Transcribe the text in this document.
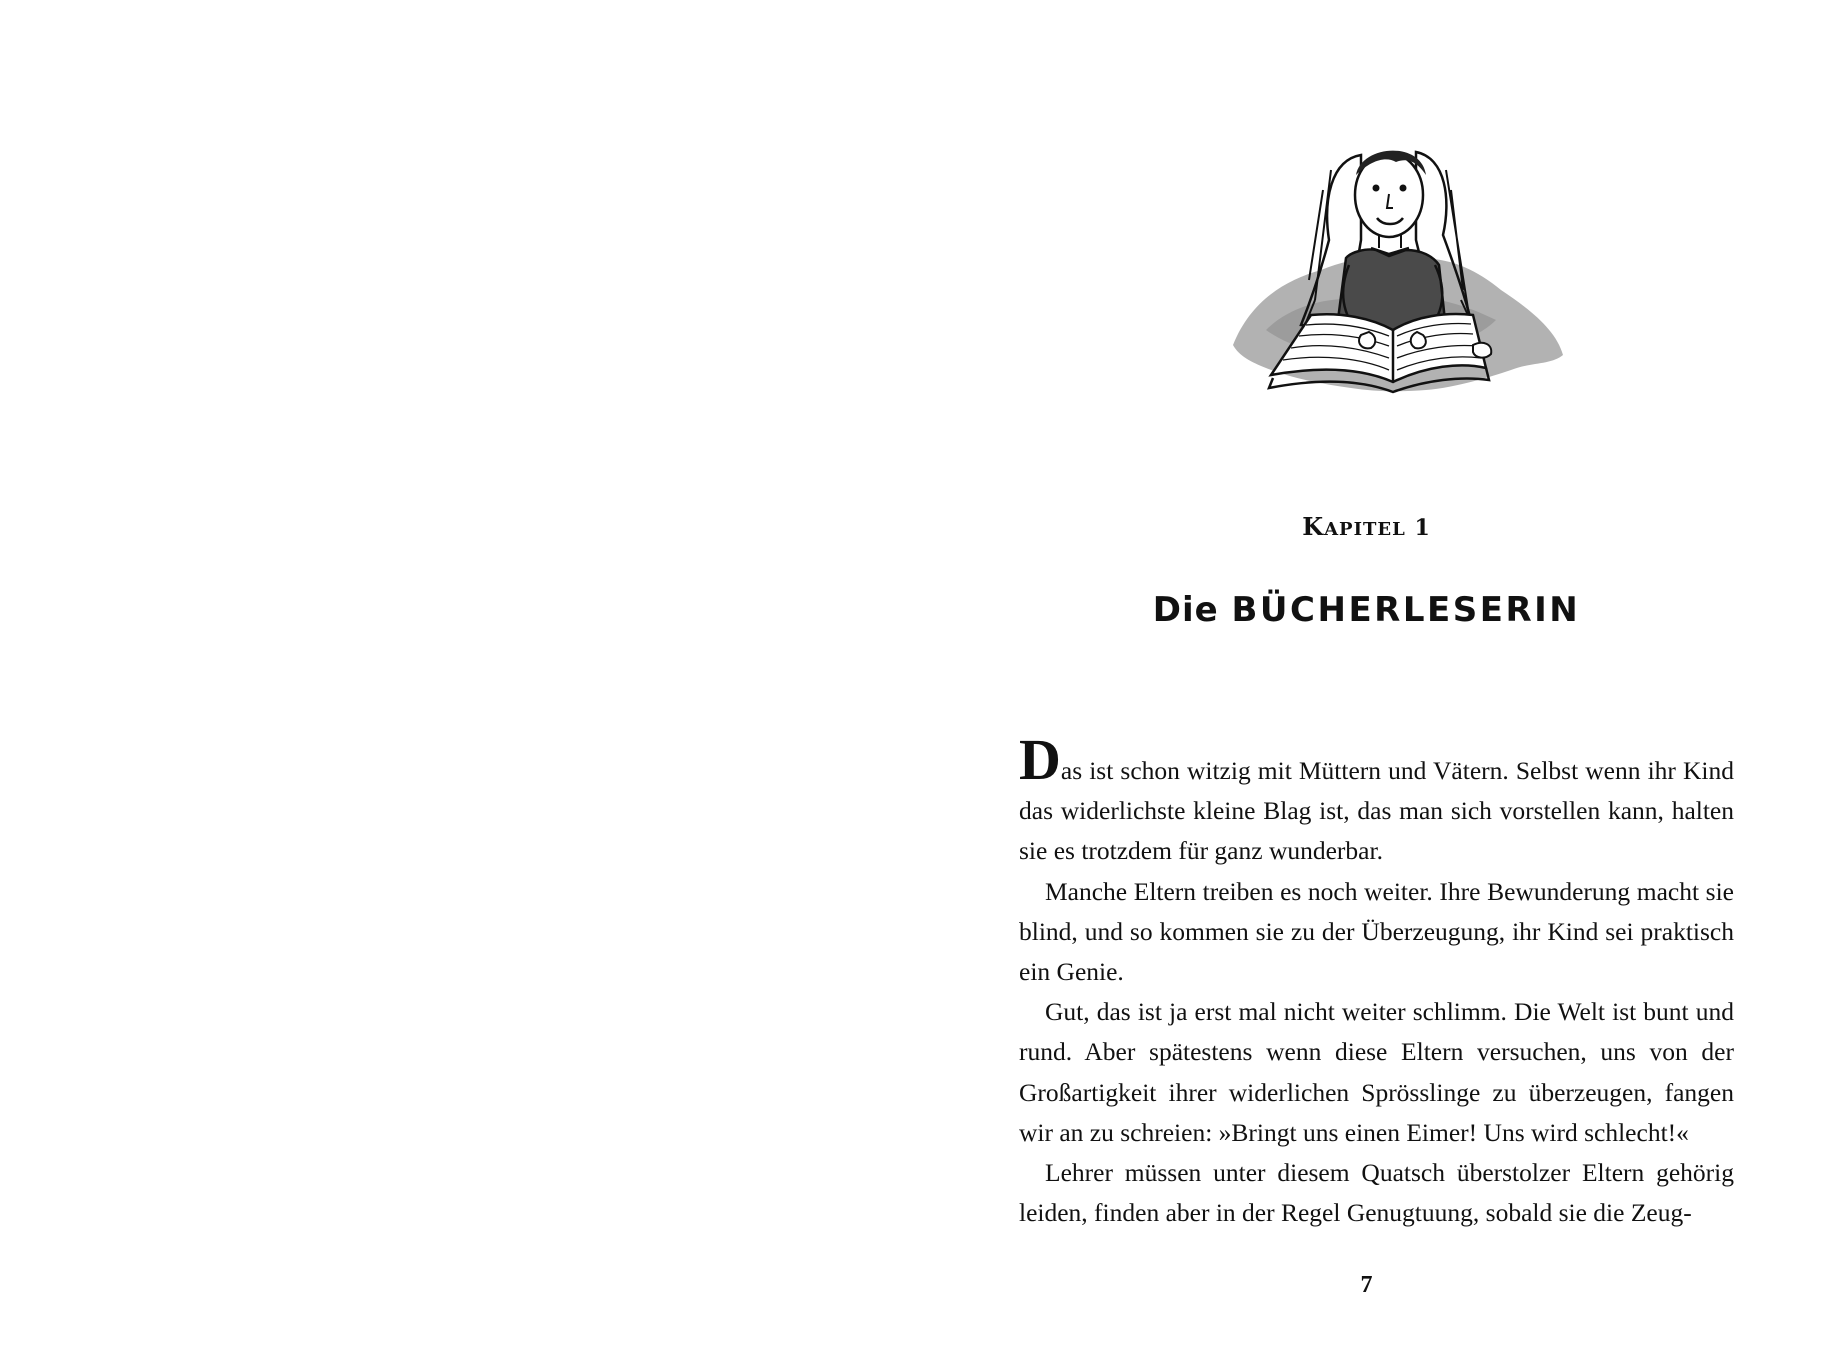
KAPITEL 1
Die BÜCHERLESERIN

Das ist schon witzig mit Müttern und Vätern. Selbst wenn ihr Kind das widerlichste kleine Blag ist, das man sich vorstellen kann, halten sie es trotzdem für ganz wunderbar.

Manche Eltern treiben es noch weiter. Ihre Bewunderung macht sie blind, und so kommen sie zu der Überzeugung, ihr Kind sei praktisch ein Genie.

Gut, das ist ja erst mal nicht weiter schlimm. Die Welt ist bunt und rund. Aber spätestens wenn diese Eltern versuchen, uns von der Großartigkeit ihrer widerlichen Sprösslinge zu überzeugen, fangen wir an zu schreien: »Bringt uns einen Eimer! Uns wird schlecht!«

Lehrer müssen unter diesem Quatsch überstolzer Eltern gehörig leiden, finden aber in der Regel Genugtuung, sobald sie die Zeug-

7
